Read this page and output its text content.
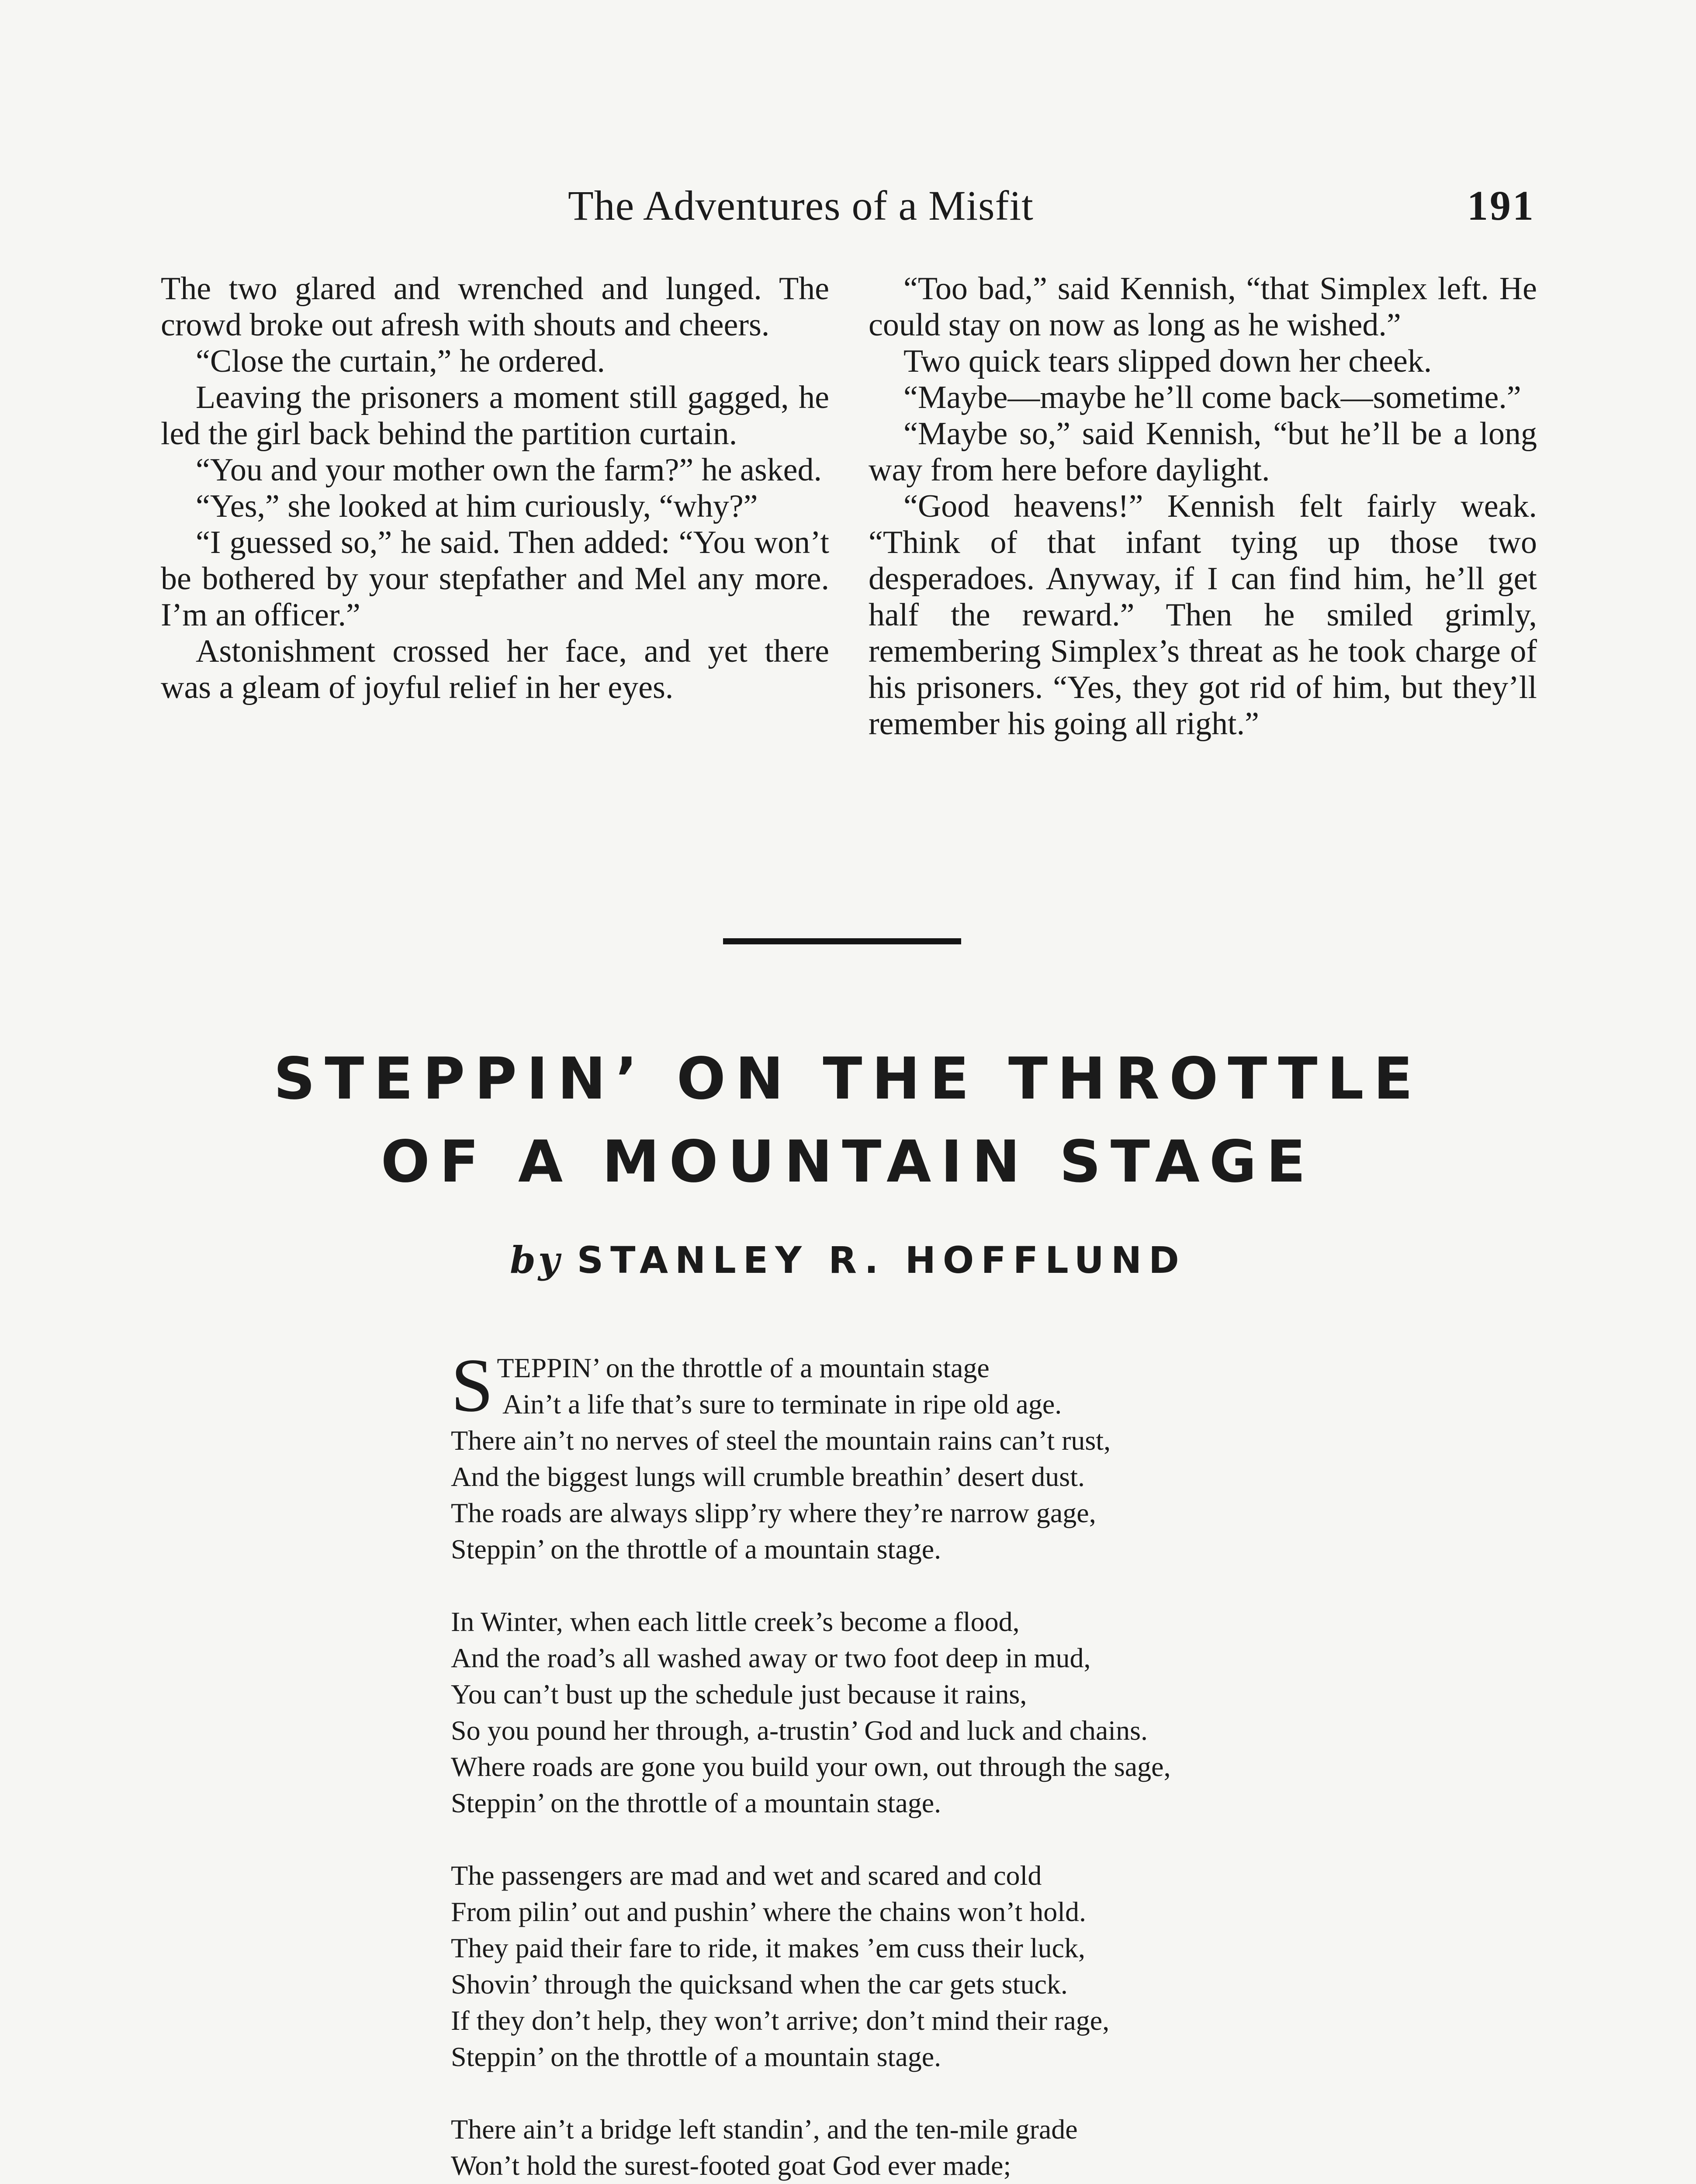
The Adventures of a Misfit	191

The two glared and wrenched and lunged. The crowd broke out afresh with shouts and cheers.

“Close the curtain,” he ordered.

Leaving the prisoners a moment still gagged, he led the girl back behind the partition curtain.

“You and your mother own the farm?” he asked.

“Yes,” she looked at him curiously, “why?”

“I guessed so,” he said. Then added: “You won’t be bothered by your stepfather and Mel any more. I’m an officer.”

Astonishment crossed her face, and yet there was a gleam of joyful relief in her eyes.

“Too bad,” said Kennish, “that Simplex left. He could stay on now as long as he wished.”

Two quick tears slipped down her cheek.

“Maybe—maybe he’ll come back—sometime.”

“Maybe so,” said Kennish, “but he’ll be a long way from here before daylight.

“Good heavens!” Kennish felt fairly weak. “Think of that infant tying up those two desperadoes. Anyway, if I can find him, he’ll get half the reward.” Then he smiled grimly, remembering Simplex’s threat as he took charge of his prisoners. “Yes, they got rid of him, but they’ll remember his going all right.”

STEPPIN’ ON THE THROTTLE
OF A MOUNTAIN STAGE
by STANLEY R. HOFFLUND
S TEPPIN’ on the throttle of a mountain stage
Ain’t a life that’s sure to terminate in ripe old age.
There ain’t no nerves of steel the mountain rains can’t rust,
And the biggest lungs will crumble breathin’ desert dust.
The roads are always slipp’ry where they’re narrow gage,
Steppin’ on the throttle of a mountain stage.
In Winter, when each little creek’s become a flood,
And the road’s all washed away or two foot deep in mud,
You can’t bust up the schedule just because it rains,
So you pound her through, a-trustin’ God and luck and chains.
Where roads are gone you build your own, out through the sage,
Steppin’ on the throttle of a mountain stage.
The passengers are mad and wet and scared and cold
From pilin’ out and pushin’ where the chains won’t hold.
They paid their fare to ride, it makes ’em cuss their luck,
Shovin’ through the quicksand when the car gets stuck.
If they don’t help, they won’t arrive; don’t mind their rage,
Steppin’ on the throttle of a mountain stage.
There ain’t a bridge left standin’, and the ten-mile grade
Won’t hold the surest-footed goat God ever made;
